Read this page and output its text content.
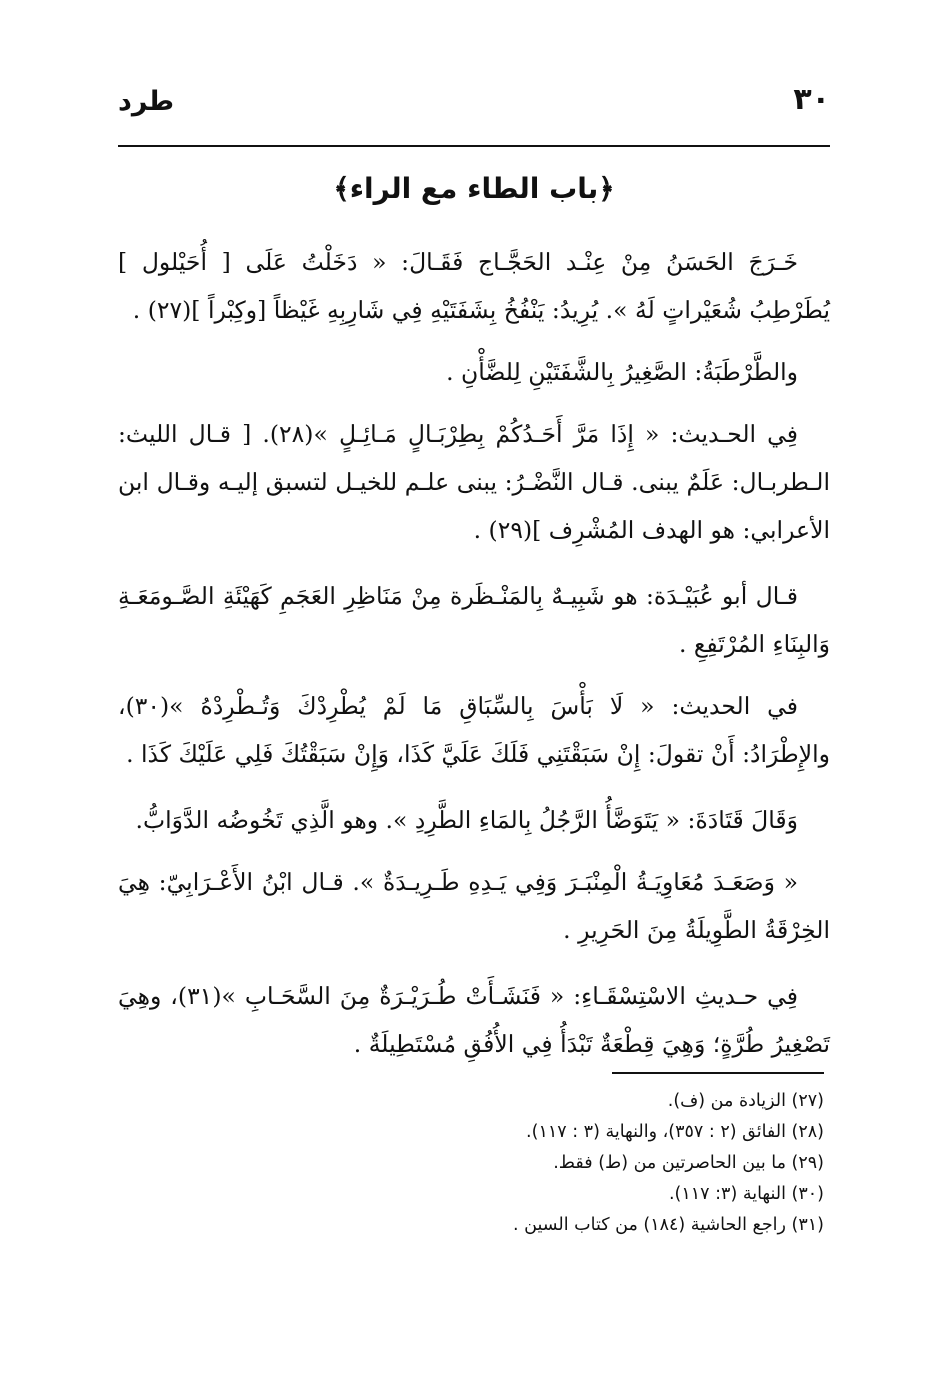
٣٠
طرد
﴿باب الطاء مع الراء﴾

خَـرَجَ الحَسَنُ مِنْ عِنْـد الحَجَّـاج فَقَـالَ: « دَخَلْتُ عَلَى [ أُحَيْلول ] يُطَرْطِبُ شُعَيْراتٍ لَهُ ». يُرِيدُ: يَنْفُخُ بِشَفَتَيْهِ فِي شَارِبِهِ غَيْظاً [وكِبْراً ](٢٧) .

والطَّرْطَبَةُ: الصَّغِيرُ بِالشَّفَتَيْنِ لِلضَّأْنِ .

فِي الحـديث: « إِذَا مَرَّ أَحَـدُكُمْ بِطِرْبَـالٍ مَـائِـلٍ »(٢٨). [ قـال الليث: الـطربـال: عَلَمٌ يبنى. قـال النَّضْـرُ: يبنى علـم للخيـل لتسبق إليـه وقـال ابن الأعرابي: هو الهدف المُشْرِف ](٢٩) .

قـال أبو عُبَيْـدَة: هو شَبِيـهٌ بِالمَنْـظَرة مِنْ مَنَاظِرِ العَجَمِ كَهَيْئَةِ الصَّـومَعَـةِ وَالبِنَاءِ المُرْتَفِعِ .

في الحديث: « لَا بَأْسَ بِالسِّبَاقِ مَا لَمْ يُطْرِدْكَ وَتُـطْرِدْهُ »(٣٠)، والإِطْرَادُ: أَنْ تقولَ: إِنْ سَبَقْتَنِي فَلَكَ عَلَيَّ كَذَا، وَإِنْ سَبَقْتُكَ فَلِي عَلَيْكَ كَذَا .

وَقَالَ قَتَادَةَ: « يَتَوَضَّأُ الرَّجُلُ بِالمَاءِ الطَّرِدِ ». وهو الَّذِي تَخُوضُه الدَّوَابُّ.

« وَصَعَـدَ مُعَاوِيَـةُ الْمِنْبَـرَ وَفِي يَـدِهِ طَـرِيـدَةٌ ». قـال ابْنُ الأَعْـرَابِيّ: هِيَ الخِرْقَةُ الطَّوِيلَةُ مِنَ الحَرِيرِ .

فِي حـديثِ الاسْتِسْقَـاءِ: « فَنَشَـأَتْ طُـرَيْـرَةٌ مِنَ السَّحَـابِ »(٣١)، وهِيَ تَصْغِيرُ طُرَّةٍ؛ وَهِيَ قِطْعَةٌ تَبْدَأُ فِي الأُفُقِ مُسْتَطِيلَةٌ .

(٢٧) الزيادة من (ف).
(٢٨) الفائق (٢ : ٣٥٧)، والنهاية (٣ : ١١٧).
(٢٩) ما بين الحاصرتين من (ط) فقط.
(٣٠) النهاية (٣: ١١٧).
(٣١) راجع الحاشية (١٨٤) من كتاب السين .
